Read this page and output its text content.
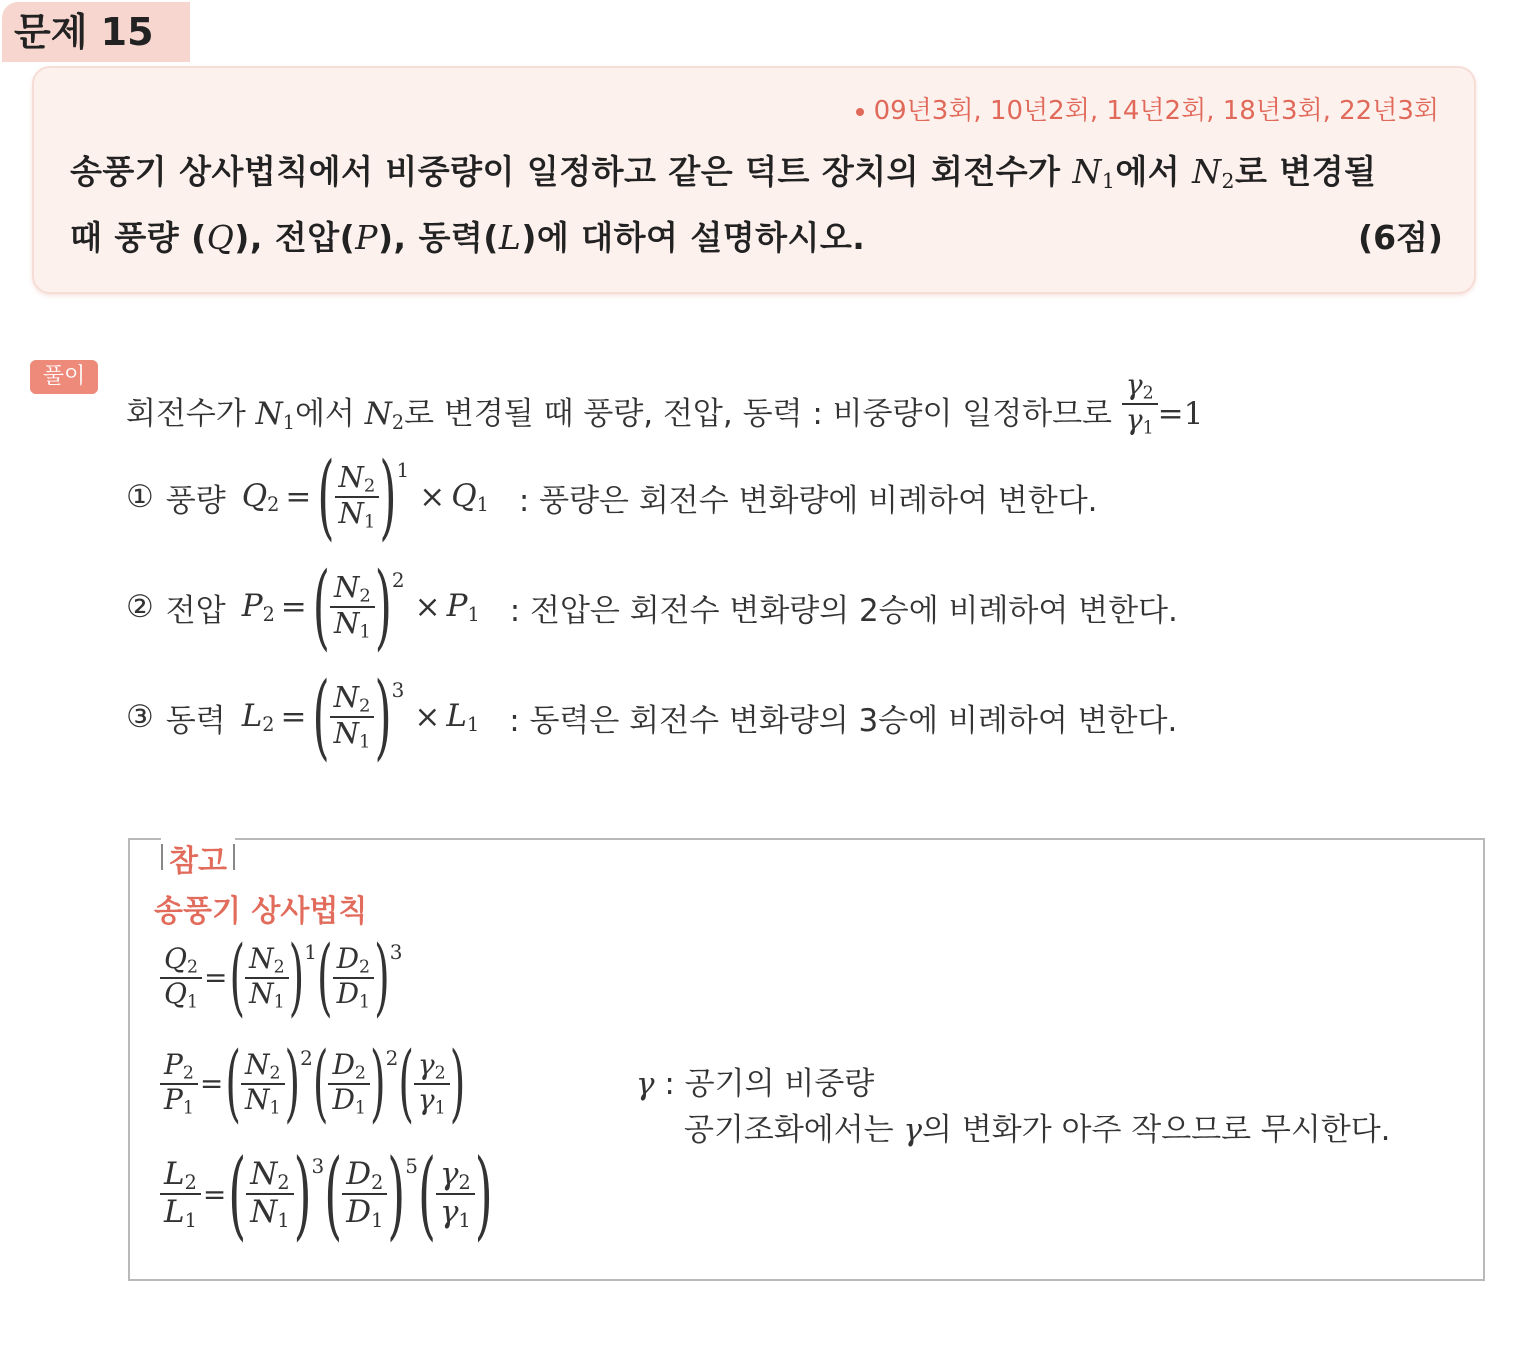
문제 15
09년3회, 10년2회, 14년2회, 18년3회, 22년3회
송풍기 상사법칙에서 비중량이 일정하고 같은 덕트 장치의 회전수가 $N_1$에서 $N_2$로 변경될
때 풍량 (Q), 전압(P), 동력(L)에 대하여 설명하시오.	(6점)
풀이
회전수가 $N_1$에서 $N_2$로 변경될 때 풍량, 전압, 동력 : 비중량이 일정하므로 $\frac{\gamma_2}{\gamma_1} =1$
① 풍량 $Q_2$ = ( $\frac{N_2}{N_1}$ ) 1
× $Q_1$ : 풍량은 회전수 변화량에 비례하여 변한다.
② 전압 $P_2$ = ( $\frac{N_2}{N_1}$ ) 2
× $P_1$ : 전압은 회전수 변화량의 2승에 비례하여 변한다.
③ 동력 $L_2$ = ( $\frac{N_2}{N_1}$ ) 3
× $L_1$ : 동력은 회전수 변화량의 3승에 비례하여 변한다.
참고
송풍기 상사법칙
$\frac{Q_2}{Q_1}$ = ( $\frac{N_2}{N_1}$ ) 1 ( $\frac{D_2}{D_1}$ ) 3
$\frac{P_2}{P_1}$ = ( $\frac{N_2}{N_1}$ ) 2 ( $\frac{D_2}{D_1}$ ) 2 ( $\frac{\gamma_2}{\gamma_1}$ )
$\frac{L_2}{L_1}$ = ( $\frac{N_2}{N_1}$ ) 3 ( $\frac{D_2}{D_1}$ ) 5 ( $\frac{\gamma_2}{\gamma_1}$ )
γ : 공기의 비중량
공기조화에서는 γ의 변화가 아주 작으므로 무시한다.
